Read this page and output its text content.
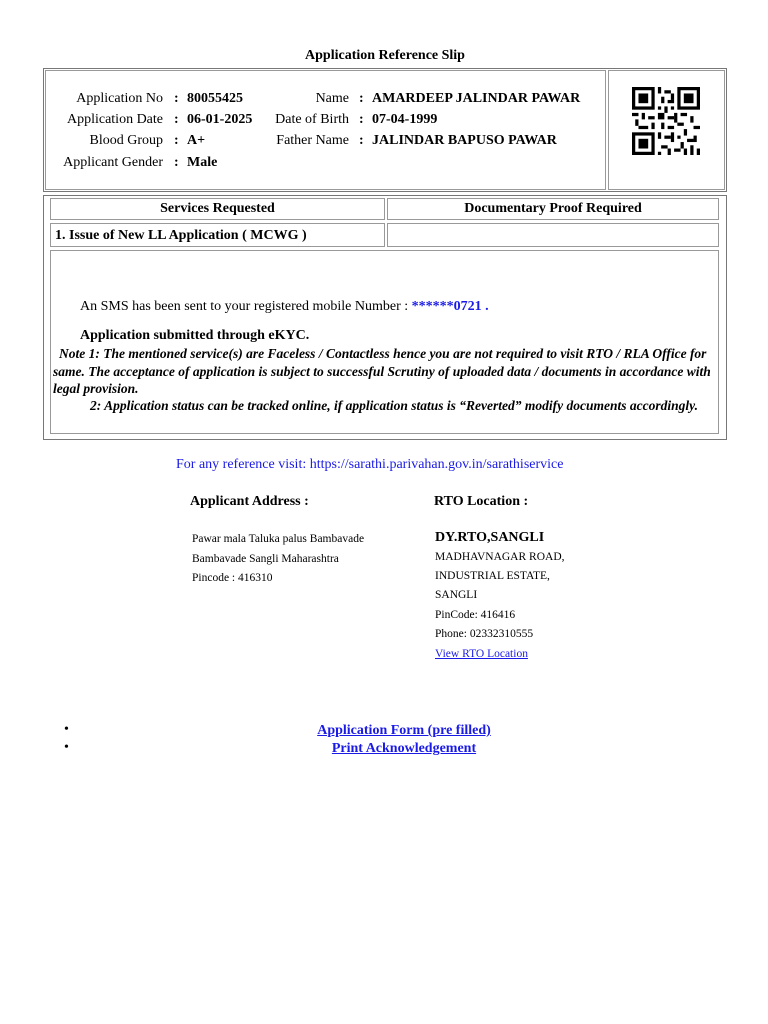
Application Reference Slip
Application No : 80055425
Application Date : 06-01-2025
Blood Group : A+
Applicant Gender : Male
Name : AMARDEEP JALINDAR PAWAR
Date of Birth : 07-04-1999
Father Name : JALINDAR BAPUSO PAWAR
Services Requested	Documentary Proof Required
1. Issue of New LL Application ( MCWG )
An SMS has been sent to your registered mobile Number : ******0721 .
Application submitted through eKYC.
Note 1: The mentioned service(s) are Faceless / Contactless hence you are not required to visit RTO / RLA Office for same. The acceptance of application is subject to successful Scrutiny of uploaded data / documents in accordance with legal provision.
2: Application status can be tracked online, if application status is “Reverted” modify documents accordingly.
For any reference visit: https://sarathi.parivahan.gov.in/sarathiservice
Applicant Address :	RTO Location :
Pawar mala Taluka palus Bambavade
Bambavade Sangli Maharashtra
Pincode : 416310
DY.RTO,SANGLI
MADHAVNAGAR ROAD,
INDUSTRIAL ESTATE,
SANGLI
PinCode: 416416
Phone: 02332310555
View RTO Location
•
•
Application Form (pre filled)
Print Acknowledgement
